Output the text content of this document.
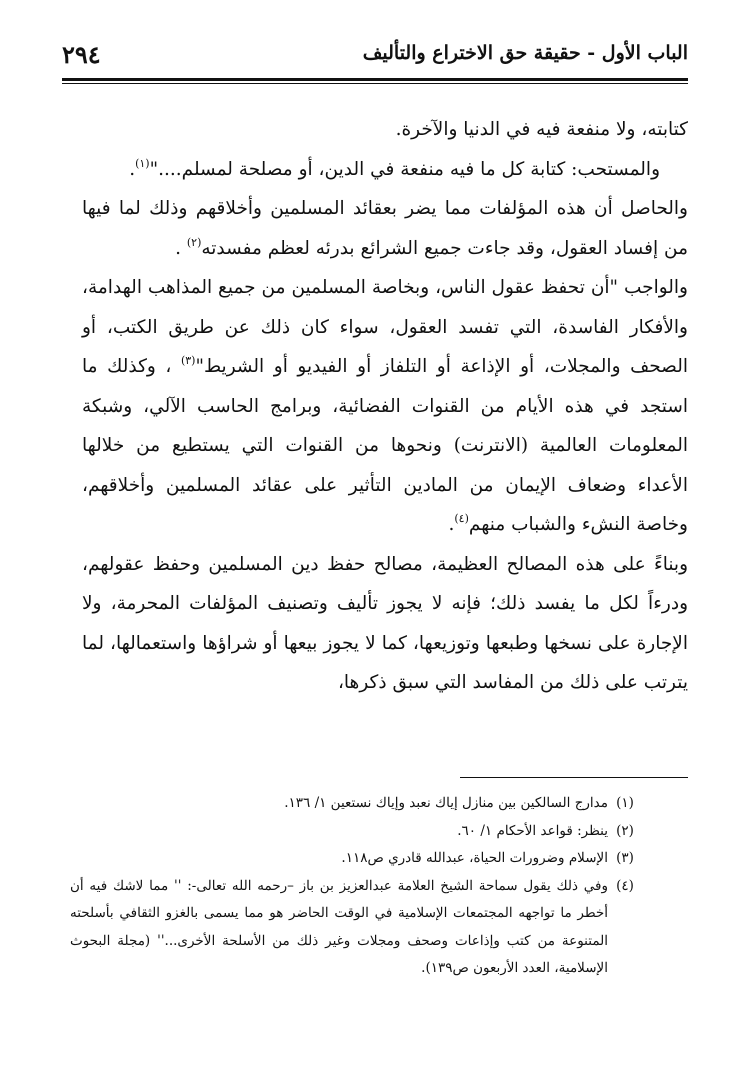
الباب الأول - حقيقة حق الاختراع والتأليف
٢٩٤

كتابته، ولا منفعة فيه في الدنيا والآخرة.

والمستحب: كتابة كل ما فيه منفعة في الدين، أو مصلحة لمسلم...."$^{(١)}$.

والحاصل أن هذه المؤلفات مما يضر بعقائد المسلمين وأخلاقهم وذلك لما فيها من إفساد العقول، وقد جاءت جميع الشرائع بدرئه لعظم مفسدته$^{(٢)}$ .

والواجب "أن تحفظ عقول الناس، وبخاصة المسلمين من جميع المذاهب الهدامة، والأفكار الفاسدة، التي تفسد العقول، سواء كان ذلك عن طريق الكتب، أو الصحف والمجلات، أو الإذاعة أو التلفاز أو الفيديو أو الشريط"$^{(٣)}$ ، وكذلك ما استجد في هذه الأيام من القنوات الفضائية، وبرامج الحاسب الآلي، وشبكة المعلومات العالمية (الانترنت) ونحوها من القنوات التي يستطيع من خلالها الأعداء وضعاف الإيمان من المادين التأثير على عقائد المسلمين وأخلاقهم، وخاصة النشء والشباب منهم$^{(٤)}$.

وبناءً على هذه المصالح العظيمة، مصالح حفظ دين المسلمين وحفظ عقولهم، ودرءاً لكل ما يفسد ذلك؛ فإنه لا يجوز تأليف وتصنيف المؤلفات المحرمة، ولا الإجارة على نسخها وطبعها وتوزيعها، كما لا يجوز بيعها أو شراؤها واستعمالها، لما يترتب على ذلك من المفاسد التي سبق ذكرها،

(١)
مدارج السالكين بين منازل إياك نعبد وإياك نستعين ١/ ١٣٦.
(٢)
ينظر: قواعد الأحكام ١/ ٦٠.
(٣)
الإسلام وضرورات الحياة، عبدالله قادري ص١١٨.
(٤)
وفي ذلك يقول سماحة الشيخ العلامة عبدالعزيز بن باز –رحمه الله تعالى-: '' مما لاشك فيه أن أخطر ما تواجهه المجتمعات الإسلامية في الوقت الحاضر هو مما يسمى بالغزو الثقافي بأسلحته المتنوعة من كتب وإذاعات وصحف ومجلات وغير ذلك من الأسلحة الأخرى...'' (مجلة البحوث الإسلامية، العدد الأربعون ص١٣٩).
